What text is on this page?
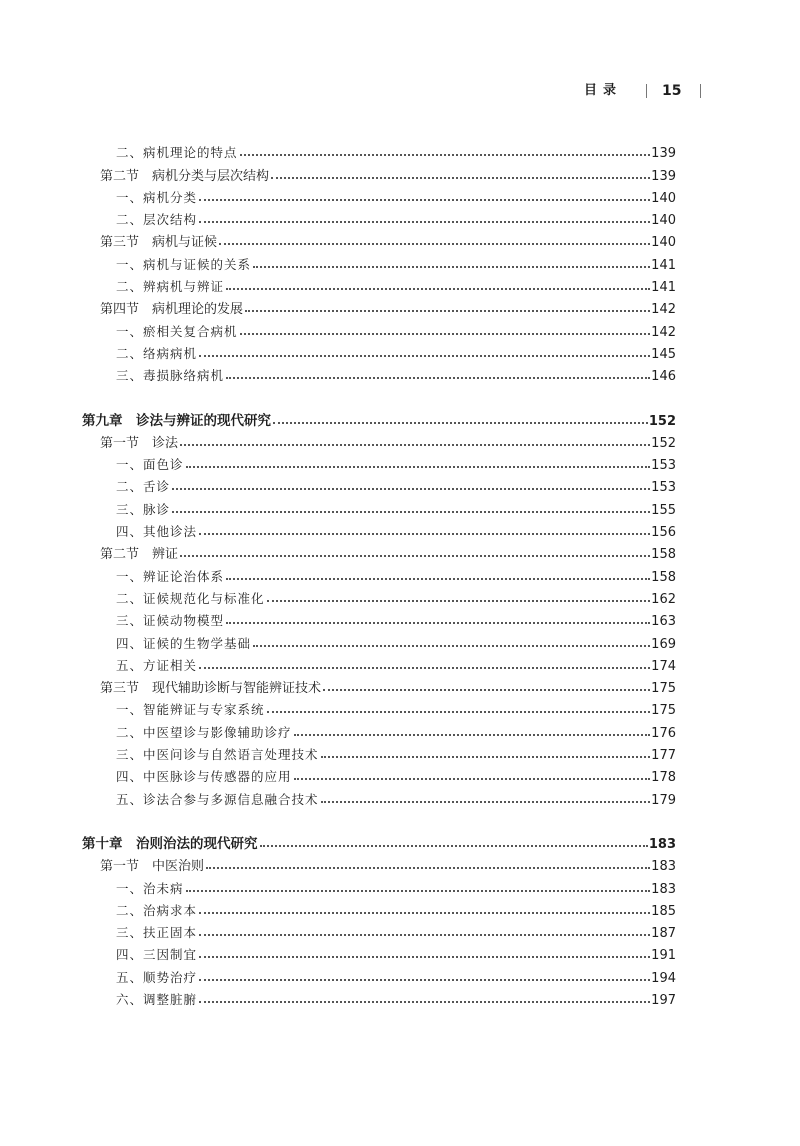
目录	15
二、病机理论的特点	139
第二节　病机分类与层次结构	139
一、病机分类	140
二、层次结构	140
第三节　病机与证候	140
一、病机与证候的关系	141
二、辨病机与辨证	141
第四节　病机理论的发展	142
一、瘀相关复合病机	142
二、络病病机	145
三、毒损脉络病机	146
第九章　诊法与辨证的现代研究	152
第一节　诊法	152
一、面色诊	153
二、舌诊	153
三、脉诊	155
四、其他诊法	156
第二节　辨证	158
一、辨证论治体系	158
二、证候规范化与标准化	162
三、证候动物模型	163
四、证候的生物学基础	169
五、方证相关	174
第三节　现代辅助诊断与智能辨证技术	175
一、智能辨证与专家系统	175
二、中医望诊与影像辅助诊疗	176
三、中医问诊与自然语言处理技术	177
四、中医脉诊与传感器的应用	178
五、诊法合参与多源信息融合技术	179
第十章　治则治法的现代研究	183
第一节　中医治则	183
一、治未病	183
二、治病求本	185
三、扶正固本	187
四、三因制宜	191
五、顺势治疗	194
六、调整脏腑	197
